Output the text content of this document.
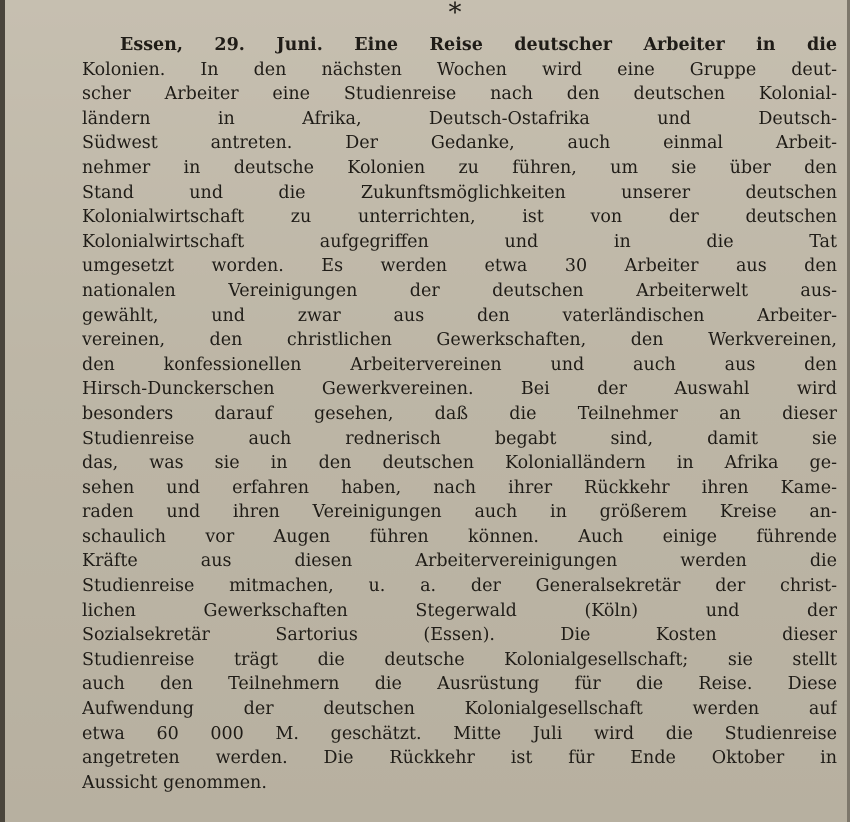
*
Essen, 29. Juni. Eine Reise deutscher Arbeiter in die
Kolonien. In den nächsten Wochen wird eine Gruppe deut-
scher Arbeiter eine Studienreise nach den deutschen Kolonial-
ländern in Afrika, Deutsch-Ostafrika und Deutsch-
Südwest antreten. Der Gedanke, auch einmal Arbeit-
nehmer in deutsche Kolonien zu führen, um sie über den
Stand und die Zukunftsmöglichkeiten unserer deutschen
Kolonialwirtschaft zu unterrichten, ist von der deutschen
Kolonialwirtschaft aufgegriffen und in die Tat
umgesetzt worden. Es werden etwa 30 Arbeiter aus den
nationalen Vereinigungen der deutschen Arbeiterwelt aus-
gewählt, und zwar aus den vaterländischen Arbeiter-
vereinen, den christlichen Gewerkschaften, den Werkvereinen,
den konfessionellen Arbeitervereinen und auch aus den
Hirsch-Dunckerschen Gewerkvereinen. Bei der Auswahl wird
besonders darauf gesehen, daß die Teilnehmer an dieser
Studienreise auch rednerisch begabt sind, damit sie
das, was sie in den deutschen Kolonialländern in Afrika ge-
sehen und erfahren haben, nach ihrer Rückkehr ihren Kame-
raden und ihren Vereinigungen auch in größerem Kreise an-
schaulich vor Augen führen können. Auch einige führende
Kräfte aus diesen Arbeitervereinigungen werden die
Studienreise mitmachen, u. a. der Generalsekretär der christ-
lichen Gewerkschaften Stegerwald (Köln) und der
Sozialsekretär Sartorius (Essen). Die Kosten dieser
Studienreise trägt die deutsche Kolonialgesellschaft; sie stellt
auch den Teilnehmern die Ausrüstung für die Reise. Diese
Aufwendung der deutschen Kolonialgesellschaft werden auf
etwa 60 000 M. geschätzt. Mitte Juli wird die Studienreise
angetreten werden. Die Rückkehr ist für Ende Oktober in
Aussicht genommen.
